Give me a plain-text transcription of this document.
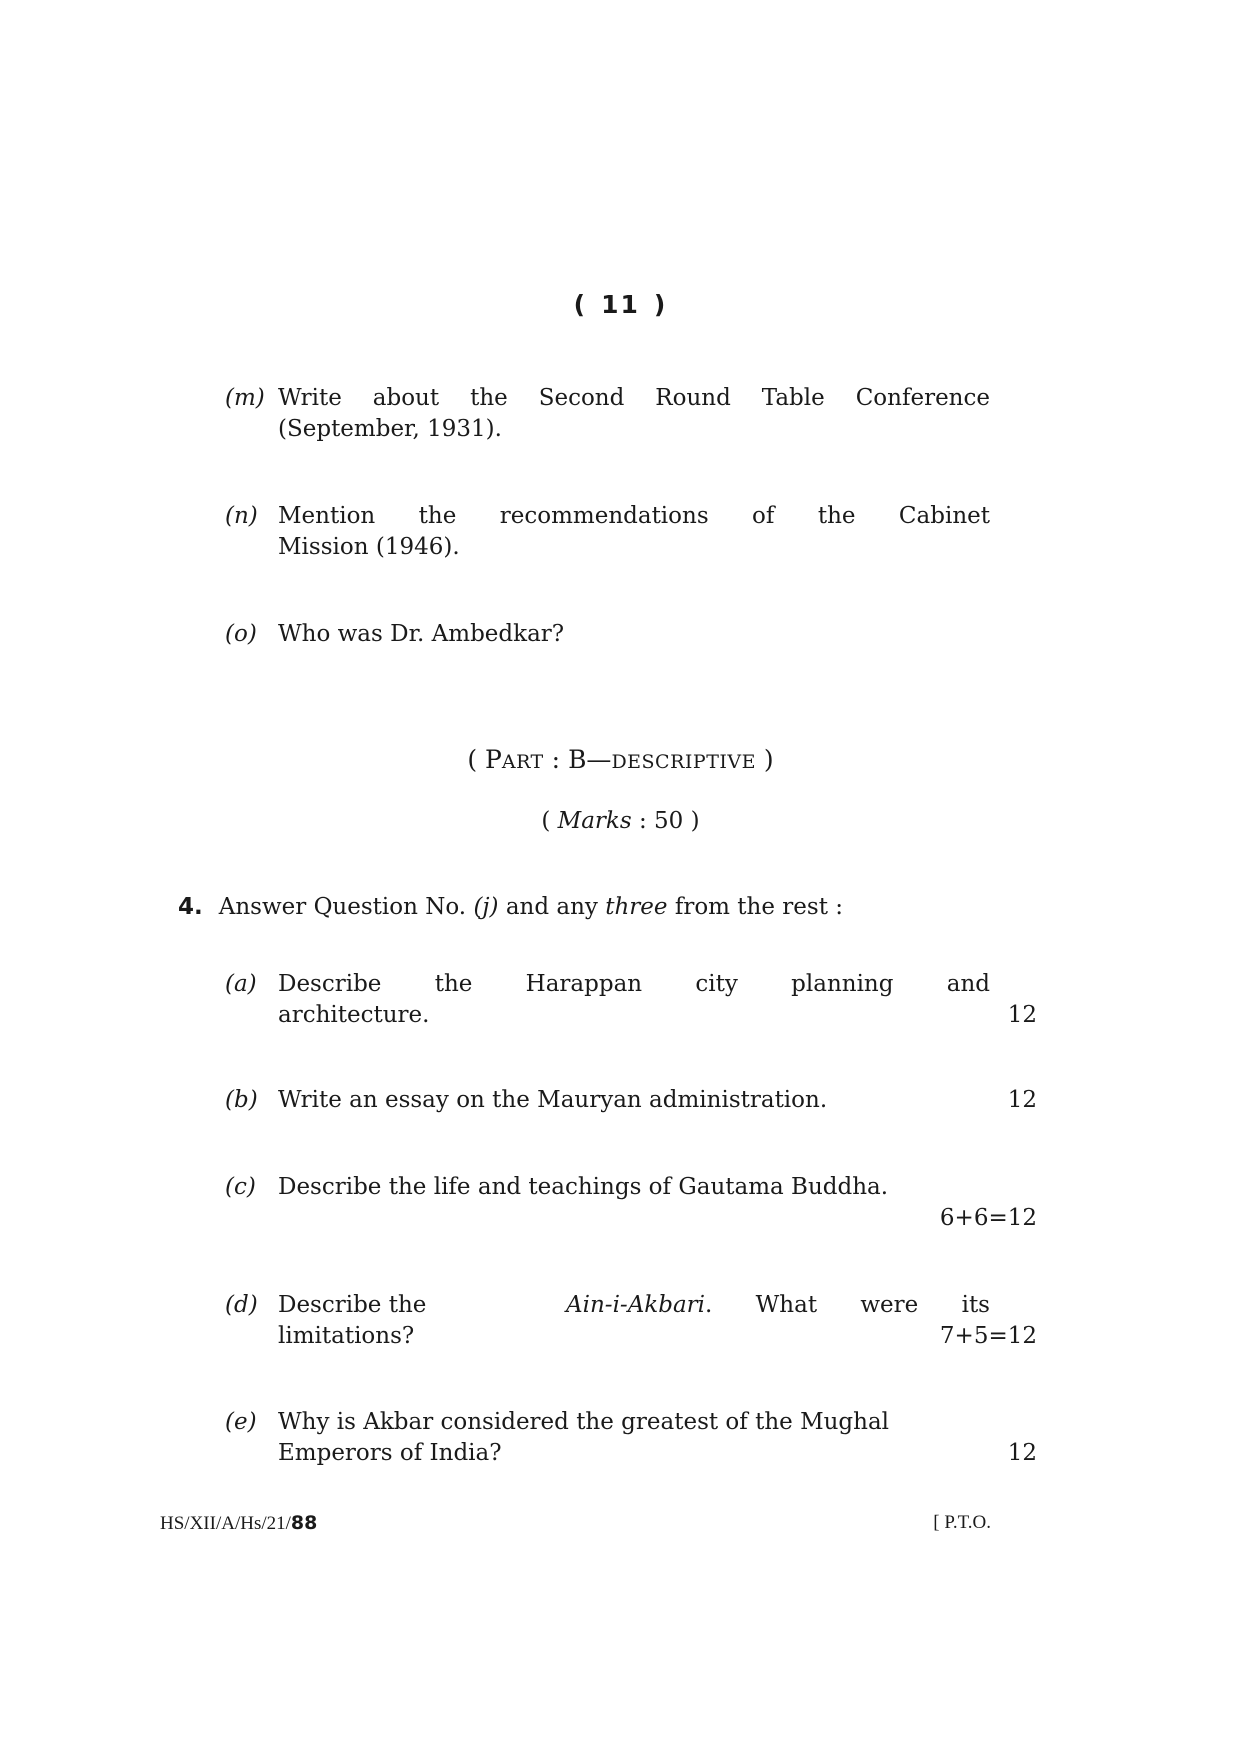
( 11 )
(m) Write about the Second Round Table Conference
(September, 1931).
(n) Mention the recommendations of the Cabinet
Mission (1946).
(o) Who was Dr. Ambedkar?
( PART : B—DESCRIPTIVE )
( Marks : 50 )
4. Answer Question No. (j) and any three from the rest :
(a) Describe the Harappan city planning and
architecture.	12
(b) Write an essay on the Mauryan administration.	12
(c) Describe the life and teachings of Gautama Buddha.
6+6=12
(d) Describe the	Ain-i-Akbari. What were its
limitations?	7+5=12
(e) Why is Akbar considered the greatest of the Mughal
Emperors of India?	12
HS/XII/A/Hs/21/88	[ P.T.O.
